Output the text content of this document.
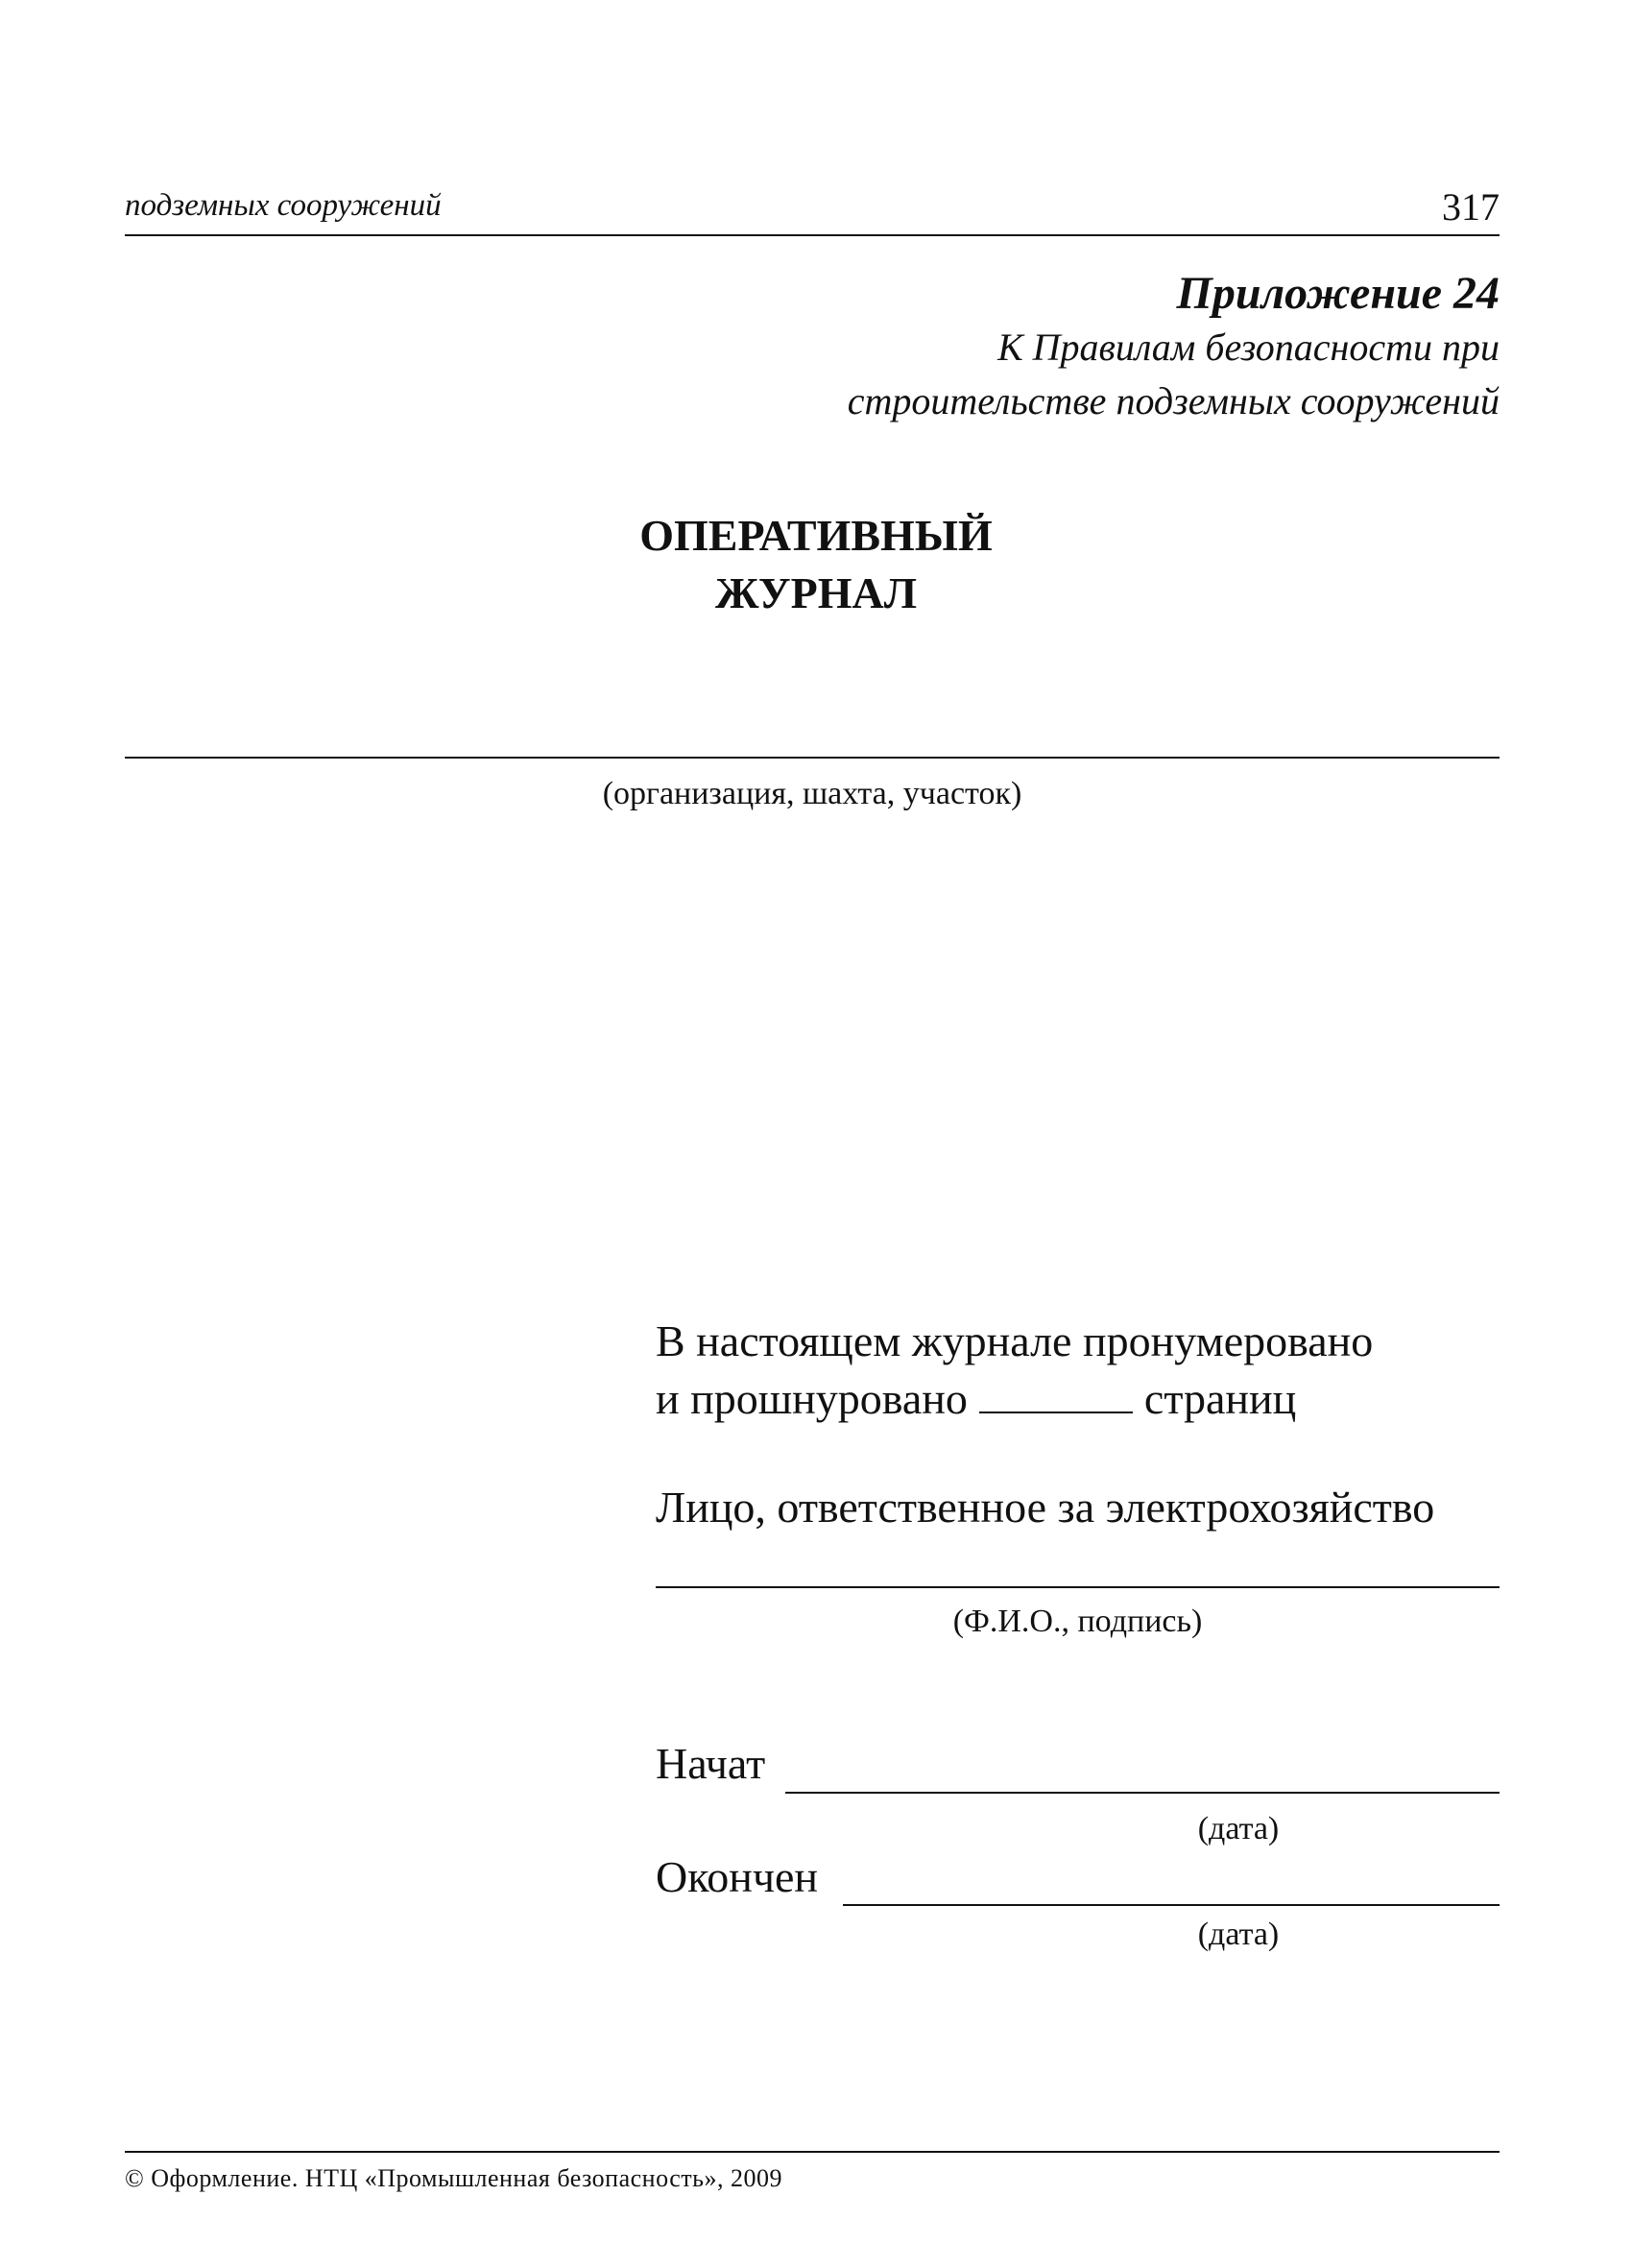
подземных сооружений	317
Приложение 24
К Правилам безопасности при
строительстве подземных сооружений
ОПЕРАТИВНЫЙ
ЖУРНАЛ
(организация, шахта, участок)
В настоящем журнале пронумеровано
и прошнуровано	страниц
Лицо, ответственное за электрохозяйство
(Ф.И.О., подпись)
Начат
(дата)
Окончен
(дата)
© Оформление. НТЦ «Промышленная безопасность», 2009
